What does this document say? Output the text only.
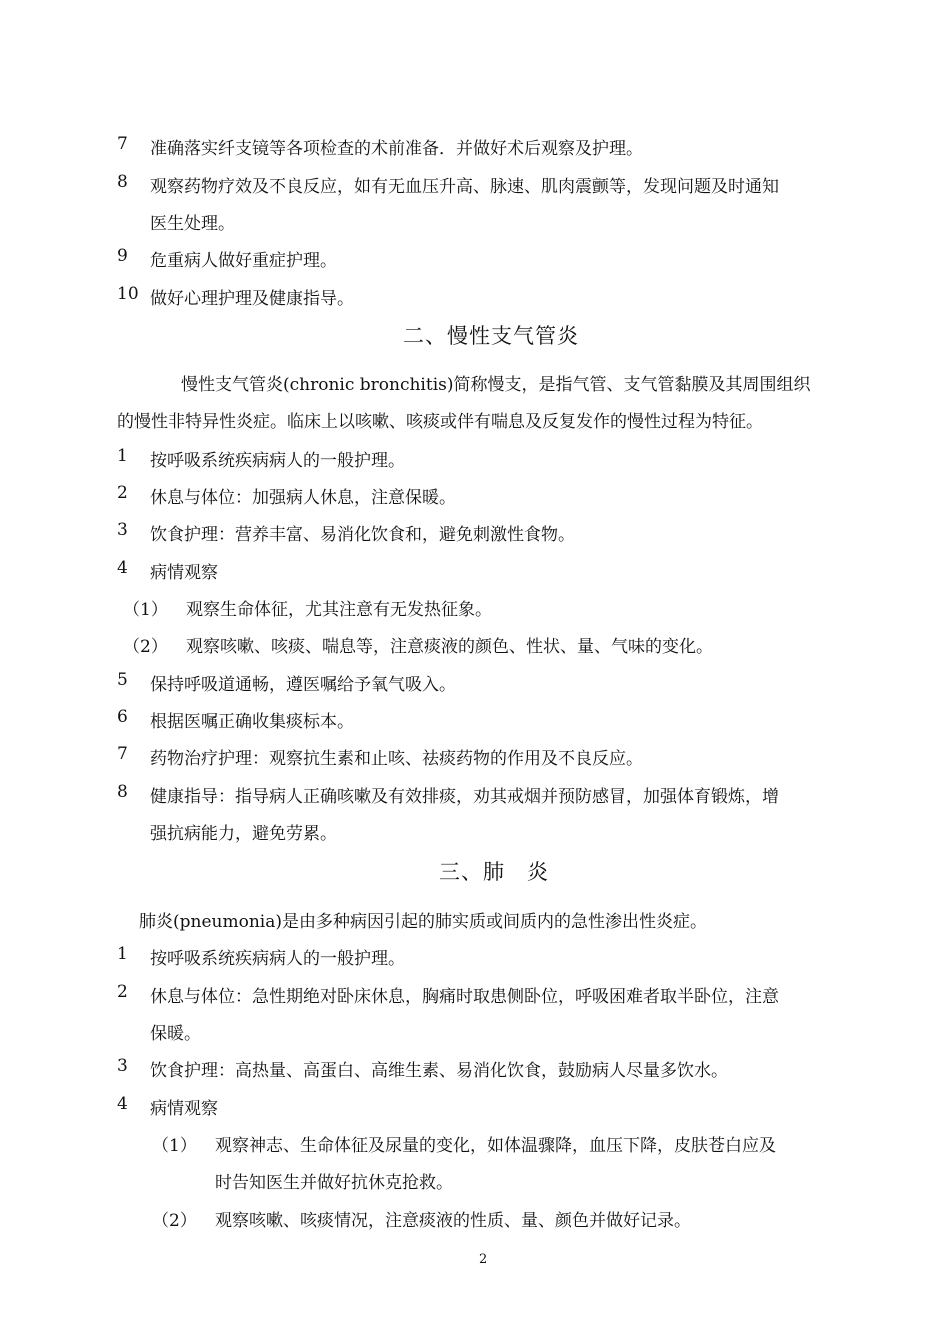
7 准确落实纤支镜等各项检查的术前准备．并做好术后观察及护理。
8 观察药物疗效及不良反应，如有无血压升高、脉速、肌肉震颤等，发现问题及时通知
医生处理。
9 危重病人做好重症护理。
10 做好心理护理及健康指导。
二、慢性支气管炎
慢性支气管炎(chronic bronchitis)简称慢支，是指气管、支气管黏膜及其周围组织
的慢性非特异性炎症。临床上以咳嗽、咳痰或伴有喘息及反复发作的慢性过程为特征。
1 按呼吸系统疾病病人的一般护理。
2 休息与体位：加强病人休息，注意保暖。
3 饮食护理：营养丰富、易消化饮食和，避免刺激性食物。
4 病情观察
（1） 观察生命体征，尤其注意有无发热征象。
（2） 观察咳嗽、咳痰、喘息等，注意痰液的颜色、性状、量、气味的变化。
5 保持呼吸道通畅，遵医嘱给予氧气吸入。
6 根据医嘱正确收集痰标本。
7 药物治疗护理：观察抗生素和止咳、祛痰药物的作用及不良反应。
8 健康指导：指导病人正确咳嗽及有效排痰，劝其戒烟并预防感冒，加强体育锻炼，增
强抗病能力，避免劳累。
三、肺　炎
肺炎(pneumonia)是由多种病因引起的肺实质或间质内的急性渗出性炎症。
1 按呼吸系统疾病病人的一般护理。
2 休息与体位：急性期绝对卧床休息，胸痛时取患侧卧位，呼吸困难者取半卧位，注意
保暖。
3 饮食护理：高热量、高蛋白、高维生素、易消化饮食，鼓励病人尽量多饮水。
4 病情观察
（1） 观察神志、生命体征及尿量的变化，如体温骤降，血压下降，皮肤苍白应及
时告知医生并做好抗休克抢救。
（2） 观察咳嗽、咳痰情况，注意痰液的性质、量、颜色并做好记录。
2
